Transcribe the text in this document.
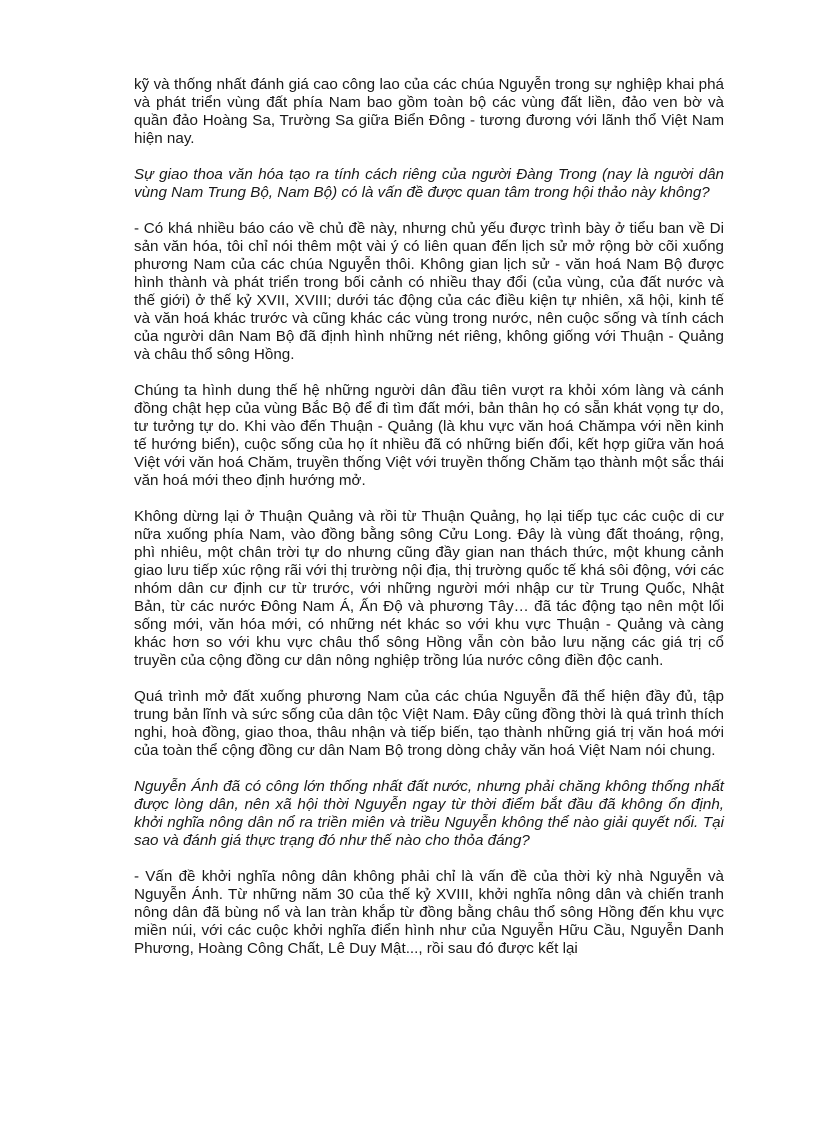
kỹ và thống nhất đánh giá cao công lao của các chúa Nguyễn trong sự nghiệp khai phá và phát triển vùng đất phía Nam bao gồm toàn bộ các vùng đất liền, đảo ven bờ và quần đảo Hoàng Sa, Trường Sa giữa Biển Đông - tương đương với lãnh thổ Việt Nam hiện nay.

Sự giao thoa văn hóa tạo ra tính cách riêng của người Đàng Trong (nay là người dân vùng Nam Trung Bộ, Nam Bộ) có là vấn đề được quan tâm trong hội thảo này không?

- Có khá nhiều báo cáo về chủ đề này, nhưng chủ yếu được trình bày ở tiểu ban về Di sản văn hóa, tôi chỉ nói thêm một vài ý có liên quan đến lịch sử mở rộng bờ cõi xuống phương Nam của các chúa Nguyễn thôi. Không gian lịch sử - văn hoá Nam Bộ được hình thành và phát triển trong bối cảnh có nhiều thay đổi (của vùng, của đất nước và thế giới) ở thế kỷ XVII, XVIII; dưới tác động của các điều kiện tự nhiên, xã hội, kinh tế và văn hoá khác trước và cũng khác các vùng trong nước, nên cuộc sống và tính cách của người dân Nam Bộ đã định hình những nét riêng, không giống với Thuận - Quảng và châu thổ sông Hồng.

Chúng ta hình dung thế hệ những người dân đầu tiên vượt ra khỏi xóm làng và cánh đồng chật hẹp của vùng Bắc Bộ để đi tìm đất mới, bản thân họ có sẵn khát vọng tự do, tư tưởng tự do. Khi vào đến Thuận - Quảng (là khu vực văn hoá Chămpa với nền kinh tế hướng biển), cuộc sống của họ ít nhiều đã có những biến đổi, kết hợp giữa văn hoá Việt với văn hoá Chăm, truyền thống Việt với truyền thống Chăm tạo thành một sắc thái văn hoá mới theo định hướng mở.

Không dừng lại ở Thuận Quảng và rồi từ Thuận Quảng, họ lại tiếp tục các cuộc di cư nữa xuống phía Nam, vào đồng bằng sông Cửu Long. Đây là vùng đất thoáng, rộng, phì nhiêu, một chân trời tự do nhưng cũng đầy gian nan thách thức, một khung cảnh giao lưu tiếp xúc rộng rãi với thị trường nội địa, thị trường quốc tế khá sôi động, với các nhóm dân cư định cư từ trước, với những người mới nhập cư từ Trung Quốc, Nhật Bản, từ các nước Đông Nam Á, Ấn Độ và phương Tây… đã tác động tạo nên một lối sống mới, văn hóa mới, có những nét khác so với khu vực Thuận - Quảng và càng khác hơn so với khu vực châu thổ sông Hồng vẫn còn bảo lưu nặng các giá trị cổ truyền của cộng đồng cư dân nông nghiệp trồng lúa nước công điền độc canh.

Quá trình mở đất xuống phương Nam của các chúa Nguyễn đã thể hiện đầy đủ, tập trung bản lĩnh và sức sống của dân tộc Việt Nam. Đây cũng đồng thời là quá trình thích nghi, hoà đồng, giao thoa, thâu nhận và tiếp biến, tạo thành những giá trị văn hoá mới của toàn thể cộng đồng cư dân Nam Bộ trong dòng chảy văn hoá Việt Nam nói chung.

Nguyễn Ánh đã có công lớn thống nhất đất nước, nhưng phải chăng không thống nhất được lòng dân, nên xã hội thời Nguyễn ngay từ thời điểm bắt đầu đã không ổn định, khởi nghĩa nông dân nổ ra triền miên và triều Nguyễn không thể nào giải quyết nổi. Tại sao và đánh giá thực trạng đó như thế nào cho thỏa đáng?

- Vấn đề khởi nghĩa nông dân không phải chỉ là vấn đề của thời kỳ nhà Nguyễn và Nguyễn Ánh. Từ những năm 30 của thế kỷ XVIII, khởi nghĩa nông dân và chiến tranh nông dân đã bùng nổ và lan tràn khắp từ đồng bằng châu thổ sông Hồng đến khu vực miền núi, với các cuộc khởi nghĩa điển hình như của Nguyễn Hữu Cầu, Nguyễn Danh Phương, Hoàng Công Chất, Lê Duy Mật..., rồi sau đó được kết lại
